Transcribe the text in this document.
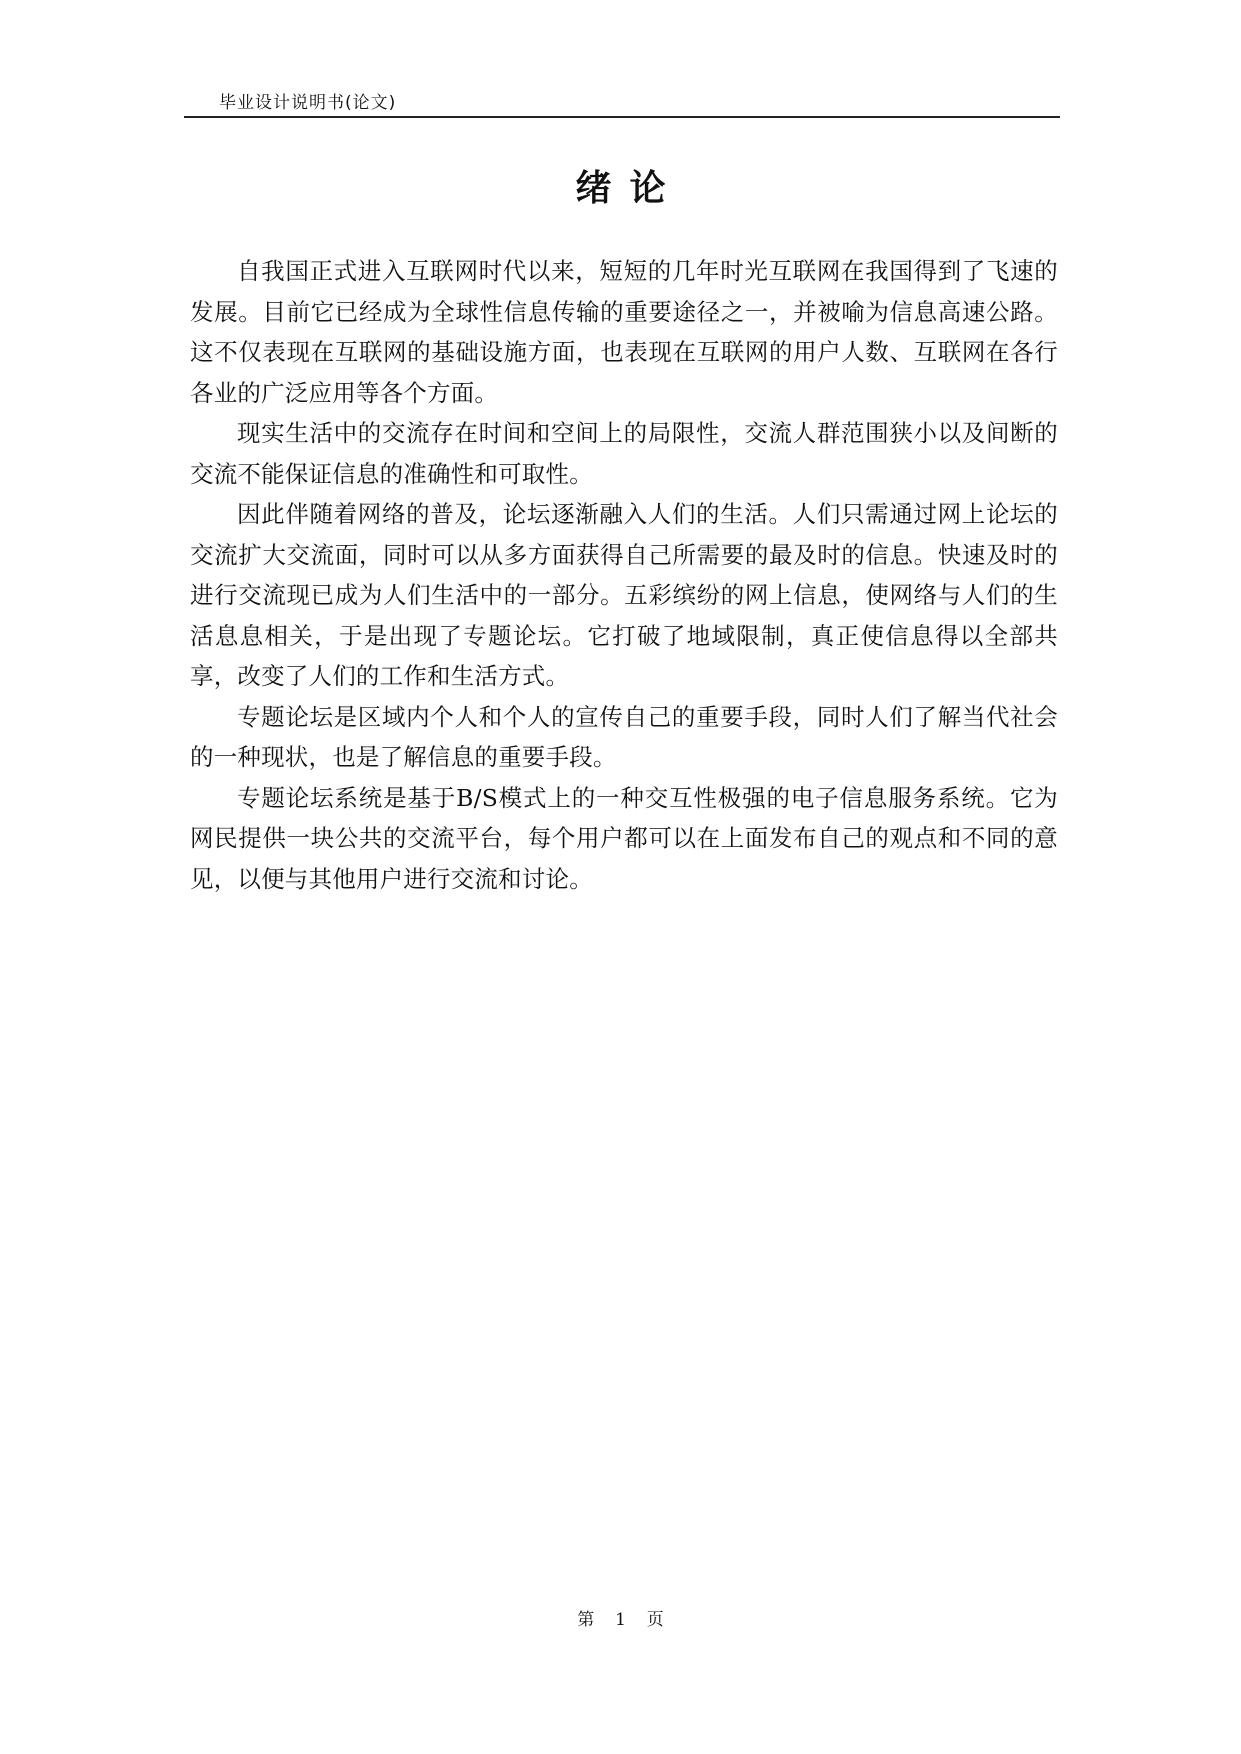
毕业设计说明书(论文)
绪论

自我国正式进入互联网时代以来，短短的几年时光互联网在我国得到了飞速的发展。目前它已经成为全球性信息传输的重要途径之一，并被喻为信息高速公路。这不仅表现在互联网的基础设施方面，也表现在互联网的用户人数、互联网在各行各业的广泛应用等各个方面。

现实生活中的交流存在时间和空间上的局限性，交流人群范围狭小以及间断的交流不能保证信息的准确性和可取性。

因此伴随着网络的普及，论坛逐渐融入人们的生活。人们只需通过网上论坛的交流扩大交流面，同时可以从多方面获得自己所需要的最及时的信息。快速及时的进行交流现已成为人们生活中的一部分。五彩缤纷的网上信息，使网络与人们的生活息息相关，于是出现了专题论坛。它打破了地域限制，真正使信息得以全部共享，改变了人们的工作和生活方式。

专题论坛是区域内个人和个人的宣传自己的重要手段，同时人们了解当代社会的一种现状，也是了解信息的重要手段。

专题论坛系统是基于B/S模式上的一种交互性极强的电子信息服务系统。它为网民提供一块公共的交流平台，每个用户都可以在上面发布自己的观点和不同的意见，以便与其他用户进行交流和讨论。

第 1 页
